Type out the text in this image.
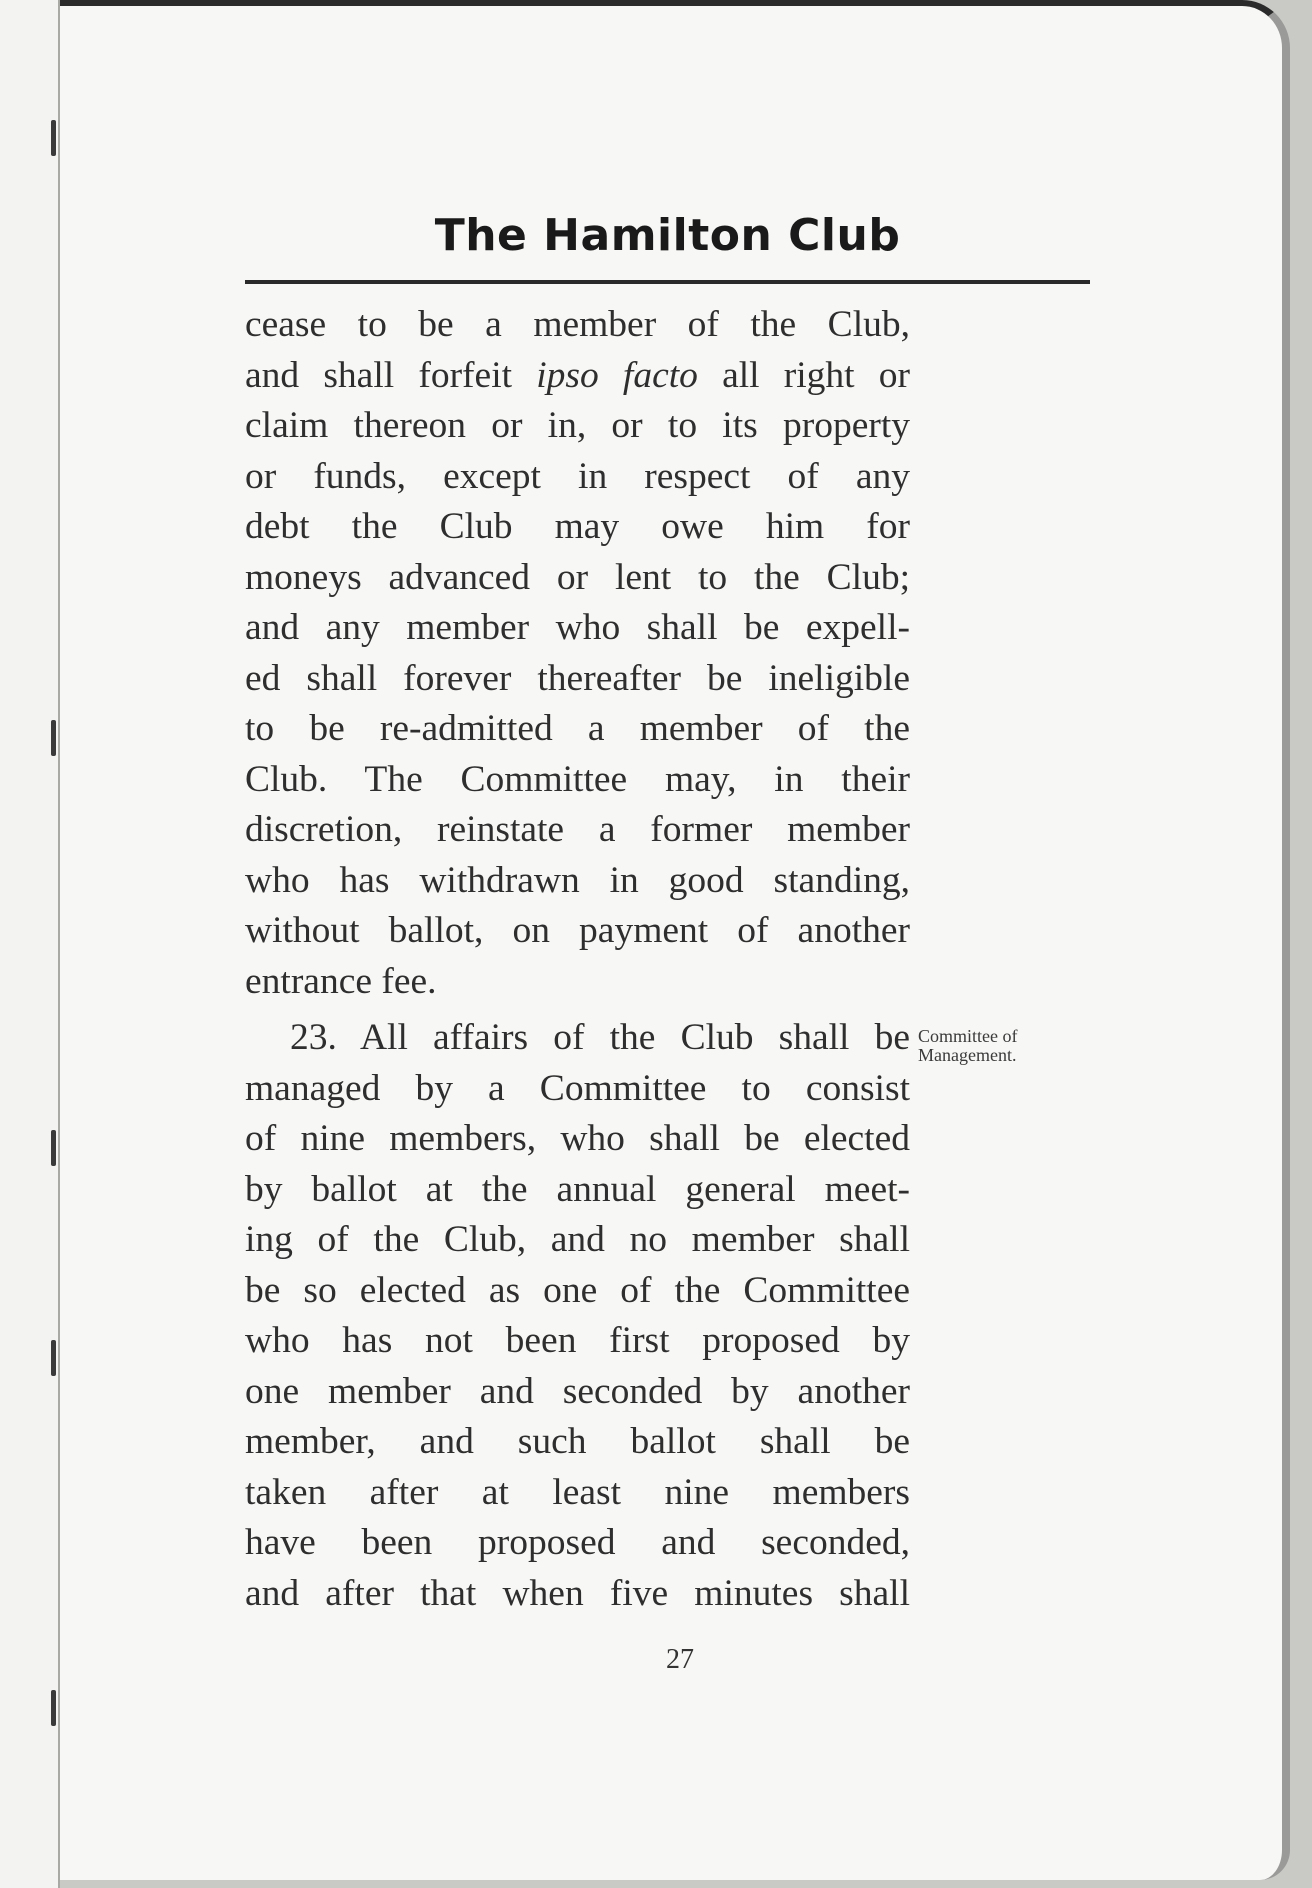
The Hamilton Club
cease to be a member of the Club,
and shall forfeit ipso facto all right or
claim thereon or in, or to its property
or funds, except in respect of any
debt the Club may owe him for
moneys advanced or lent to the Club;
and any member who shall be expell-
ed shall forever thereafter be ineligible
to be re-admitted a member of the
Club. The Committee may, in their
discretion, reinstate a former member
who has withdrawn in good standing,
without ballot, on payment of another
entrance fee.
23. All affairs of the Club shall be
managed by a Committee to consist
of nine members, who shall be elected
by ballot at the annual general meet-
ing of the Club, and no member shall
be so elected as one of the Committee
who has not been first proposed by
one member and seconded by another
member, and such ballot shall be
taken after at least nine members
have been proposed and seconded,
and after that when five minutes shall
Committee of
Management.
27
